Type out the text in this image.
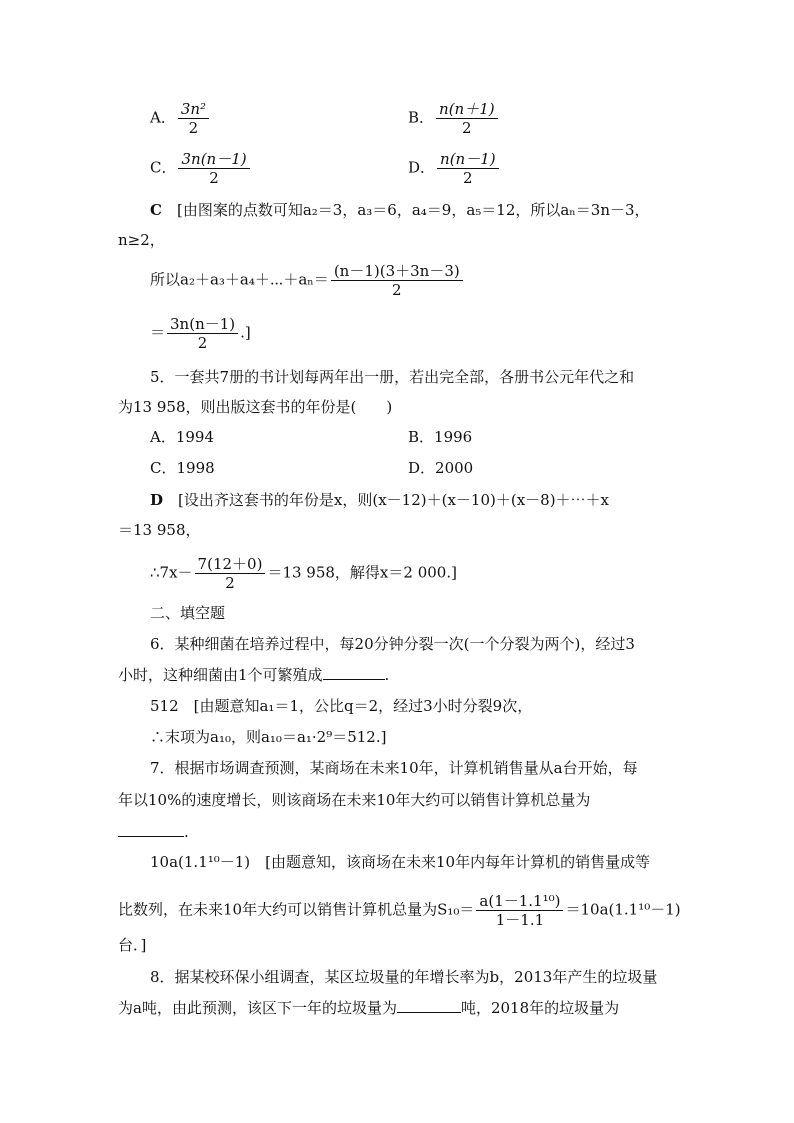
A． $\frac{\text{3n²}}{2}$	B． $\frac{n(n+1)}{2}$
C． $\frac{3n(n-1)}{2}$	D． $\frac{n(n-1)}{2}$
C　 [由图案的点数可知a₂＝3，a₃＝6，a₄＝9，a₅＝12，所以aₙ＝3n－3，
n≥2，
所以a₂＋a₃＋a₄＋⋯＋aₙ＝ $\frac{(n-1)(3+3n-3)}{2}$
＝ $\frac{3n(n-1)}{2}$ .]
5．一套共7册的书计划每两年出一册，若出完全部，各册书公元年代之和
为13 958，则出版这套书的年份是(　　)
A．1994	B．1996
C．1998	D．2000
D　 [设出齐这套书的年份是x，则(x－12)＋(x－10)＋(x－8)＋⋯＋x
＝13 958，
∴7x－ $\frac{7(12+0)}{2} =13$ 958，解得x＝2 000.]
二、填空题
6．某种细菌在培养过程中，每20分钟分裂一次(一个分裂为两个)，经过3
小时，这种细菌由1个可繁殖成	.
512　[由题意知a₁＝1，公比q＝2，经过3小时分裂9次，
∴末项为a₁₀，则a₁₀＝a₁·2⁹＝512.]
7．根据市场调查预测，某商场在未来10年，计算机销售量从a台开始，每
年以10%的速度增长，则该商场在未来10年大约可以销售计算机总量为
.
10a(1.1¹⁰－1)　[由题意知，该商场在未来10年内每年计算机的销售量成等
比数列，在未来10年大约可以销售计算机总量为$S_{10}= \frac{\text{a(1－1.1¹⁰)}}{1-1.1} =10a(1.1^{10}-1)$
台．]
8．据某校环保小组调查，某区垃圾量的年增长率为b，2013年产生的垃圾量
为a吨，由此预测，该区下一年的垃圾量为	吨，2018年的垃圾量为
